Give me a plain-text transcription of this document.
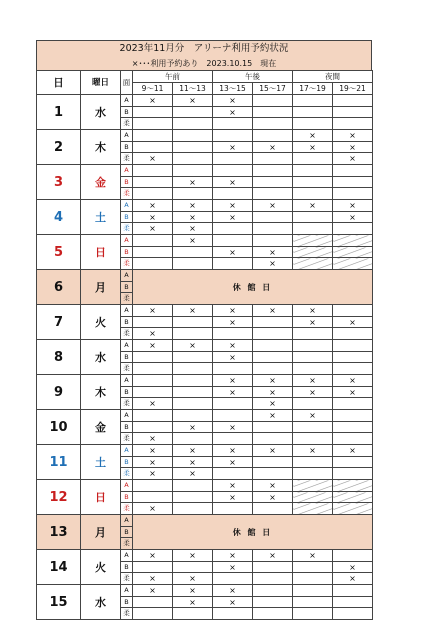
2023年11月分　アリーナ利用予約状況
×･･･利用予約あり　2023.10.15　現在
日	曜日	面	午前		午後		夜間	
			9～11	11～13	13～15	15～17	17～19	19～21
1	水	A	×	×	×			
		B			×			
		柔						
2	木	A					×	×
		B			×	×	×	×
		柔	×					×
3	金	A						
		B		×	×			
		柔						
4	土	A	×	×	×	×	×	×
		B	×	×	×			×
		柔	×	×				
5	日	A		×				
		B			×	×		
		柔				×		
6	月	A	休 館 日					
		B						
		柔						
7	火	A	×	×	×	×	×	
		B			×		×	×
		柔	×					
8	水	A	×	×	×			
		B			×			
		柔						
9	木	A			×	×	×	×
		B			×	×	×	×
		柔	×			×		
10	金	A				×	×	
		B		×	×			
		柔	×					
11	土	A	×	×	×	×	×	×
		B	×	×	×			
		柔	×	×				
12	日	A			×	×		
		B			×	×		
		柔	×					
13	月	A	休 館 日					
		B						
		柔						
14	火	A	×	×	×	×	×	
		B			×			×
		柔	×	×				×
15	水	A	×	×	×			
		B		×	×			
		柔						
